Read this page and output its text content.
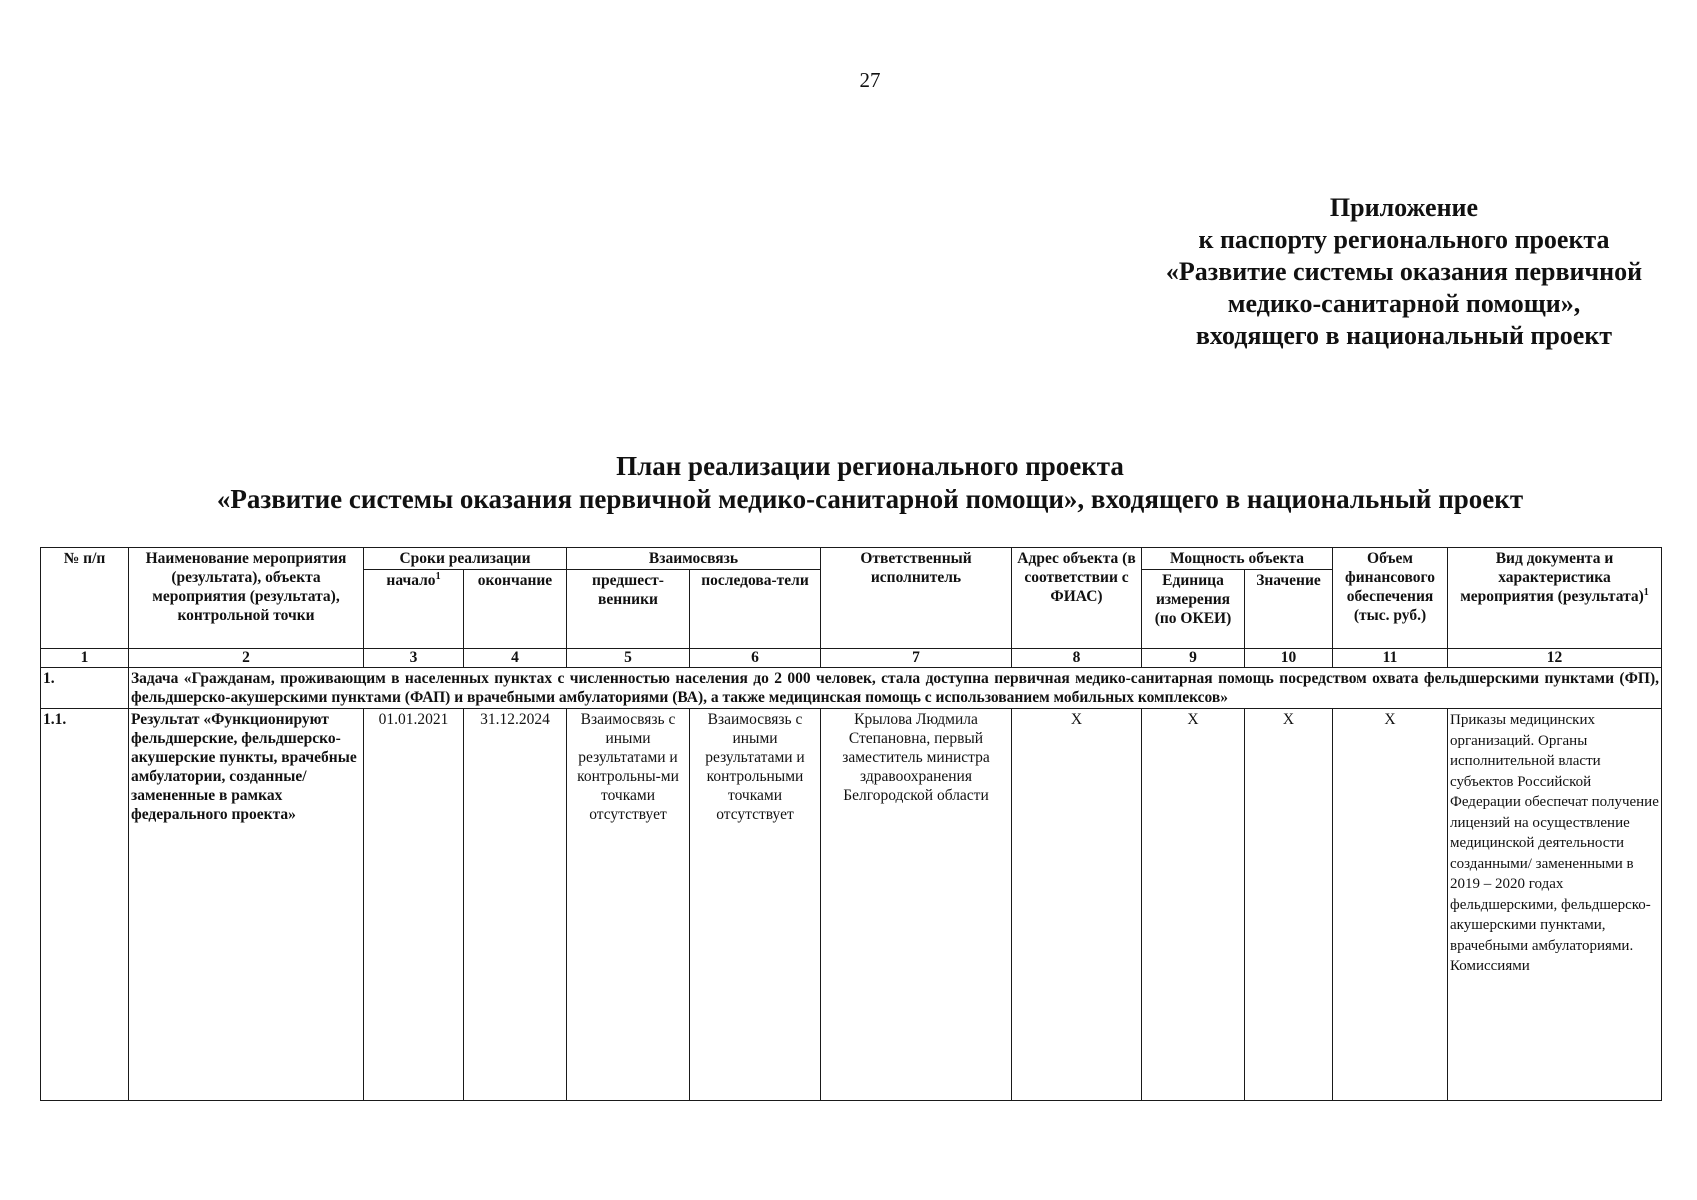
27
Приложение
к паспорту регионального проекта
«Развитие системы оказания первичной
медико-санитарной помощи»,
входящего в национальный проект
План реализации регионального проекта
«Развитие системы оказания первичной медико-санитарной помощи», входящего в национальный проект
№ п/п	Наименование мероприятия (результата), объекта мероприятия (результата), контрольной точки	Сроки реализации		Взаимосвязь		Ответственный исполнитель	Адрес объекта (в соответствии с ФИАС)	Мощность объекта		Объем финансового обеспечения (тыс. руб.)	Вид документа и характеристика мероприятия (результата)$^1$
		начало$^1$	окончание	предшест-венники	последова-тели			Единица измерения (по ОКЕИ)	Значение		
1	2	3	4	5	6	7	8	9	10	11	12
1.	Задача «Гражданам, проживающим в населенных пунктах с численностью населения до 2 000 человек, стала доступна первичная медико-санитарная помощь посредством охвата фельдшерскими пунктами (ФП), фельдшерско-акушерскими пунктами (ФАП) и врачебными амбулаториями (ВА), а также медицинская помощь с использованием мобильных комплексов»										
1.1.	Результат «Функционируют фельдшерские, фельдшерско-акушерские пункты, врачебные амбулатории, созданные/замененные в рамках федерального проекта»	01.01.2021	31.12.2024	Взаимосвязь с иными результатами и контрольны-ми точками отсутствует	Взаимосвязь с иными результатами и контрольными точками отсутствует	Крылова Людмила Степановна, первый заместитель министра здравоохранения Белгородской области	Х	Х	Х	Х	Приказы медицинских организаций. Органы исполнительной власти субъектов Российской Федерации обеспечат получение лицензий на осуществление медицинской деятельности созданными/ замененными в 2019 – 2020 годах фельдшерскими, фельдшерско-акушерскими пунктами, врачебными амбулаториями. Комиссиями
